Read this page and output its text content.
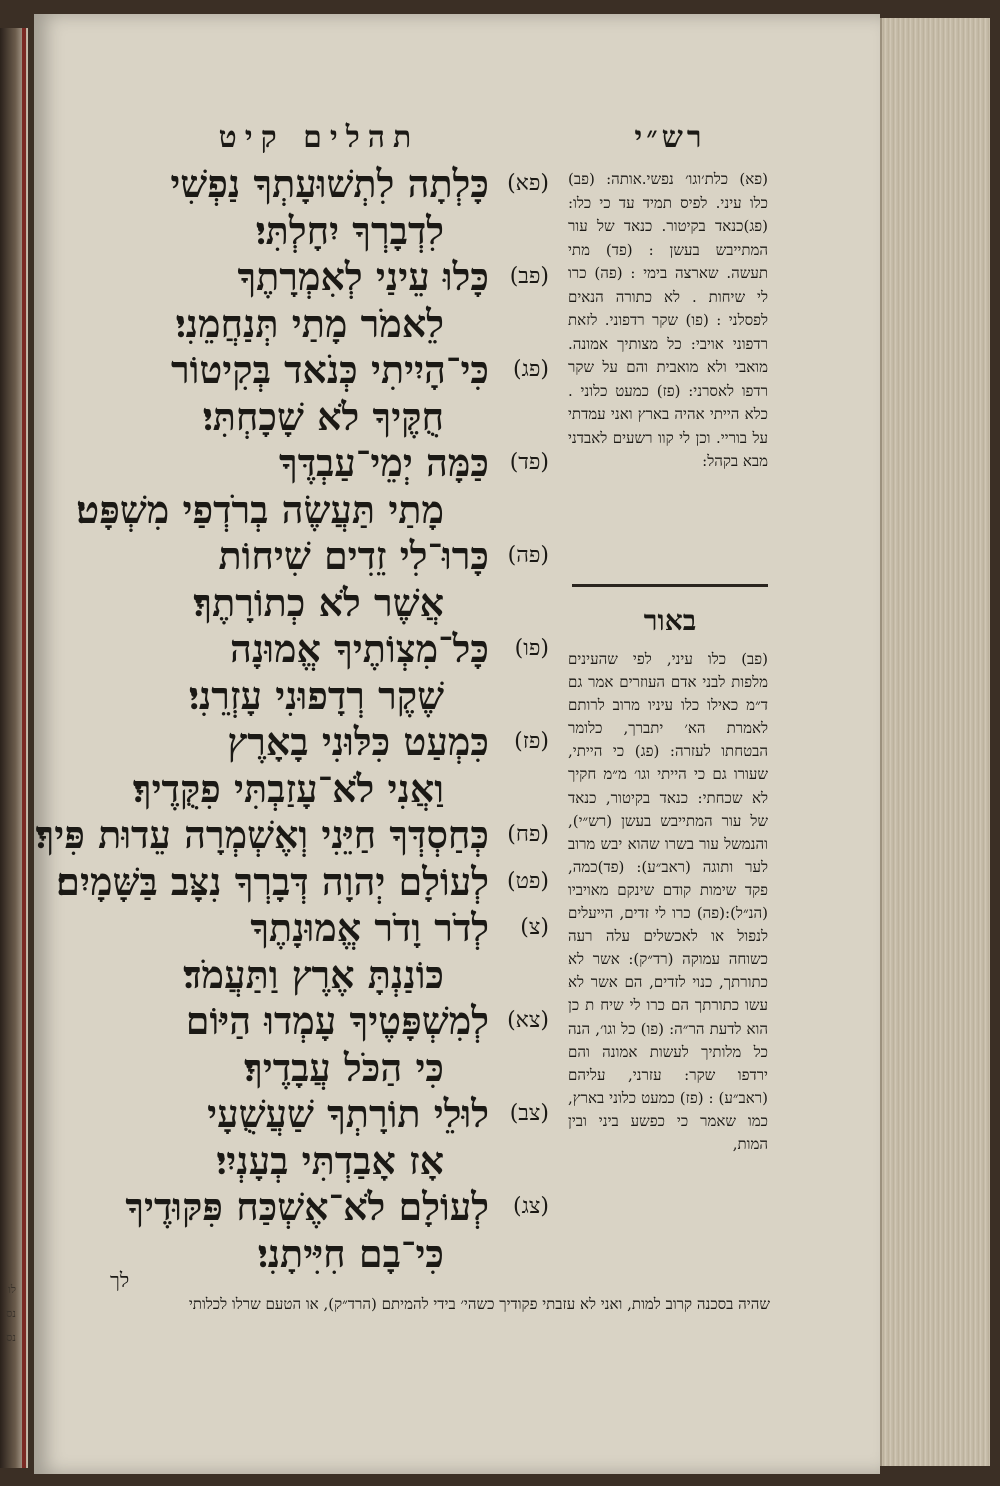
לו נס נס
תהלים קיט	רש״י
(פא)
כָּלְתָה לִתְשׁוּעָתְךָ נַפְשִׁי
לִדְבָרְךָ יִחָלְתִּי׃
(פב)
כָּלוּ עֵינַי לְאִמְרָתֶךָ
לֵאמֹר מָתַי תְּנַחֲמֵנִי׃
(פג)
כִּי־הָיִיתִי כְּנֹאד בְּקִיטוֹר
חֻקֶּיךָ לֹא שָׁכָחְתִּי׃
(פד)
כַּמָּה יְמֵי־עַבְדֶּךָ
מָתַי תַּעֲשֶׂה בְרֹדְפַי מִשְׁפָּט׃
(פה)
כָּרוּ־לִי זֵדִים שִׁיחוֹת
אֲשֶׁר לֹא כְתוֹרָתֶךָ׃
(פו)
כָּל־מִצְוֹתֶיךָ אֱמוּנָה
שֶׁקֶר רְדָפוּנִי עָזְרֵנִי׃
(פז)
כִּמְעַט כִּלּוּנִי בָאָרֶץ
וַאֲנִי לֹא־עָזַבְתִּי פִקֻּדֶיךָ׃
(פח)
כְּחַסְדְּךָ חַיֵּנִי וְאֶשְׁמְרָה עֵדוּת פִּיךָ׃
(פט)
לְעוֹלָם יְהוָה דְּבָרְךָ נִצָּב בַּשָּׁמָיִם׃
(צ)
לְדֹר וָדֹר אֱמוּנָתֶךָ
כּוֹנַנְתָּ אֶרֶץ וַתַּעֲמֹד׃
(צא)
לְמִשְׁפָּטֶיךָ עָמְדוּ הַיּוֹם
כִּי הַכֹּל עֲבָדֶיךָ׃
(צב)
לוּלֵי תוֹרָתְךָ שַׁעֲשֻׁעָי
אָז אָבַדְתִּי בְעָנְיִי׃
(צג)
לְעוֹלָם לֹא־אֶשְׁכַּח פִּקּוּדֶיךָ
כִּי־בָם חִיִּיתָנִי׃
(פא) כלת׳וגו׳ נפשי.אותה: (פב) כלו עיני. לפיס תמיד עד כי כלו:(פג)כנאד בקיטור. כנאד של עור המתייבש בעשן : (פד) מתי תעשה. שארצה בימי : (פה) כרו לי שיחות . לא כתורה הנאים לפסלני : (פו) שקר רדפוני. לזאת רדפוני אויבי: כל מצותיך אמונה. מואבי ולא מואבית והם על שקר רדפו לאסרני: (פז) כמעט כלוני . כלא הייתי אהיה בארץ ואני עמדתי על בוריי. וכן לי קוו רשעים לאבדני מבא בקהל:
באור
(פב) כלו עיני, לפי שהעינים מלפות לבני אדם העוזרים אמר גם ד״מ כאילו כלו עיניו מרוב לרותם לאמרת הא׳ יתברך, כלומר הבטחתו לעזרה: (פג) כי הייתי, שעורו גם כי הייתי וגו׳ מ״מ חקיך לא שכחתי: כנאד בקיטור, כנאד של עור המתייבש בעשן (רש״י), והנמשל עור בשרו שהוא יבש מרוב לער ותוגה (ראב״ע): (פד)כמה, פקד שימות קודם שינקם מאויביו (הנ״ל):(פה) כרו לי זדים, הייעלים לנפול או לאכשלים עלה רעה כשוחה עמוקה (רד״ק): אשר לא כתורתך, כנוי לזדים, הם אשר לא עשו כתורתך הם כרו לי שיח ת כן הוא לדעת הר״ה: (פו) כל וגו׳, הנה כל מלותיך לעשות אמונה והם ירדפו שקר: עזרני, עליהם (ראב״ע) : (פז) כמעט כלוני בארץ, כמו שאמר כי כפשע ביני ובין המות,
לך
שהיה בסכנה קרוב למות, ואני לא עזבתי פקודיך כשהי׳ בידי להמיתם (הרד״ק), או הטעם שרלו לכלותי
